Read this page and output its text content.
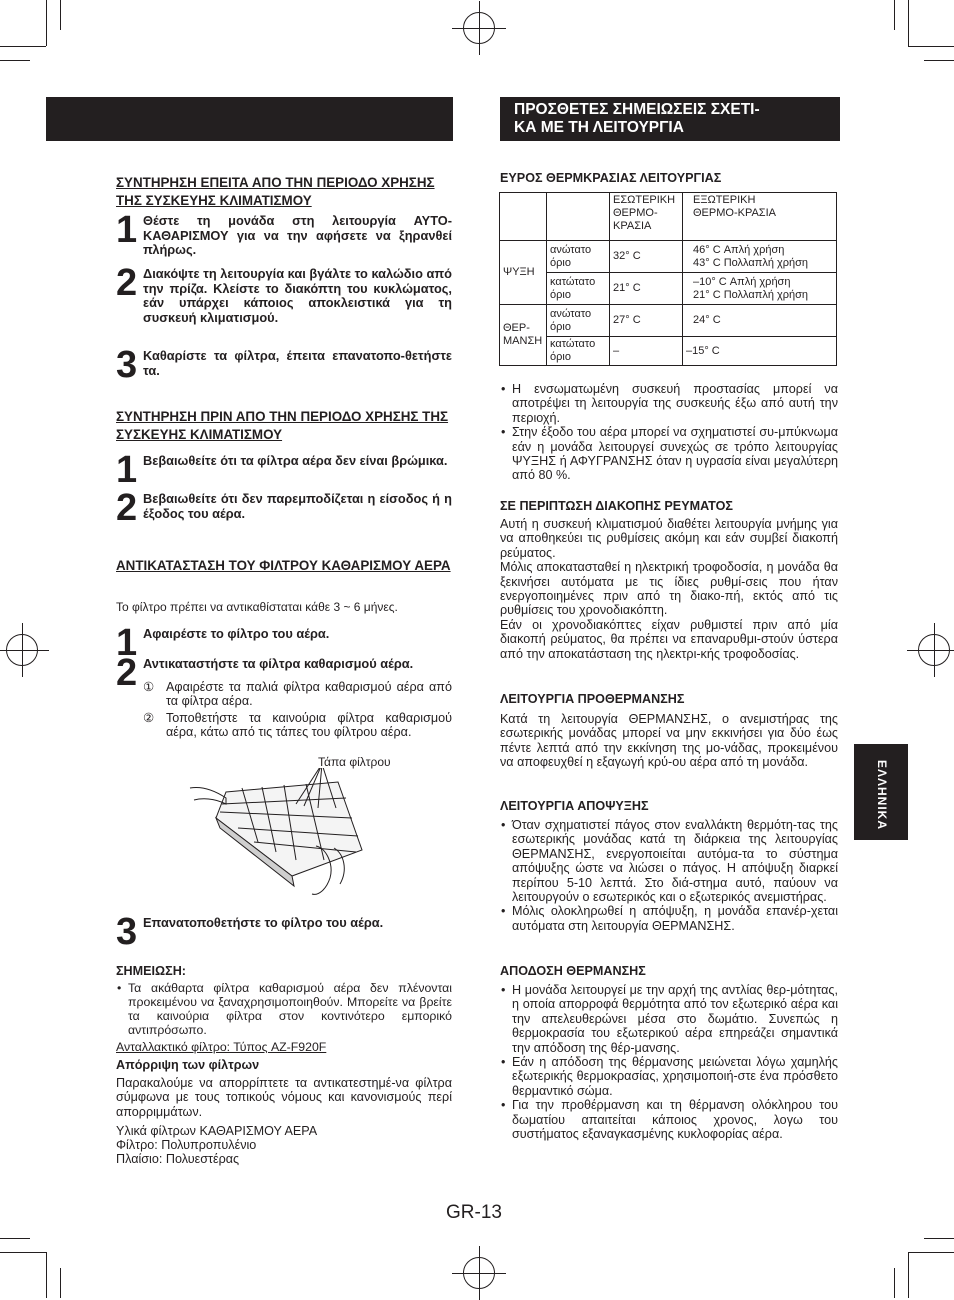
ΣΥΝΤΗΡΗΣΗ ΕΠΕΙΤΑ ΑΠΟ ΤΗΝ ΠΕΡΙΟΔΟ ΧΡΗΣΗΣ ΤΗΣ ΣΥΣΚΕΥΗΣ ΚΛΙΜΑΤΙΣΜΟΥ
1 Θέστε τη μονάδα στη λειτουργία AYTO-ΚΑΘΑΡΙΣΜΟΥ για να την αφήσετε να ξηρανθεί πλήρως.
2 Διακόψτε τη λειτουργία και βγάλτε το καλώδιο από την πρίζα. Κλείστε το διακόπτη του κυκλώματος, εάν υπάρχει κάποιος αποκλειστικά για τη συσκευή κλιματισμού.
3 Καθαρίστε τα φίλτρα, έπειτα επανατοπο-θετήστε τα.
ΣΥΝΤΗΡΗΣΗ ΠΡΙΝ ΑΠΟ ΤΗΝ ΠΕΡΙΟΔΟ ΧΡΗΣΗΣ ΤΗΣ ΣΥΣΚΕΥΗΣ ΚΛΙΜΑΤΙΣΜΟΥ
1 Βεβαιωθείτε ότι τα φίλτρα αέρα δεν είναι βρώμικα.
2 Βεβαιωθείτε ότι δεν παρεμποδίζεται η είσοδος ή η έξοδος του αέρα.
ΑΝΤΙΚΑΤΑΣΤΑΣΗ ΤΟΥ ΦΙΛΤΡΟΥ ΚΑΘΑΡΙΣΜΟΥ ΑΕΡΑ
Το φίλτρο πρέπει να αντικαθίσταται κάθε 3 ~ 6 μήνες.
1 Αφαιρέστε το φίλτρο του αέρα.
2 Αντικαταστήστε τα φίλτρα καθαρισμού αέρα.
① Αφαιρέστε τα παλιά φίλτρα καθαρισμού αέρα από τα φίλτρα αέρα.
② Τοποθετήστε τα καινούρια φίλτρα καθαρισμού αέρα, κάτω από τις τάπες του φίλτρου αέρα.
Τάπα φίλτρου
3 Επανατοποθετήστε το φίλτρο του αέρα.
ΣΗΜΕΙΩΣΗ:
• Τα ακάθαρτα φίλτρα καθαρισμού αέρα δεν πλένονται προκειμένου να ξαναχρησιμοποιηθούν. Μπορείτε να βρείτε τα καινούρια φίλτρα στον κοντινότερο εμπορικό αντιπρόσωπο.
Ανταλλακτικό φίλτρο: Τύπος AZ-F920F
Απόρριψη των φίλτρων
Παρακαλούμε να απορρίπτετε τα αντικατεστημέ-να φίλτρα σύμφωνα με τους τοπικούς νόμους και κανονισμούς περί απορριμμάτων.
Υλικά φίλτρων ΚΑΘΑΡΙΣΜΟΥ ΑΕΡΑ
Φίλτρο: Πολυπροπυλένιο
Πλαίσιο: Πολυεστέρας
ΠΡΟΣΘΕΤΕΣ ΣΗΜΕΙΩΣΕΙΣ ΣΧΕΤΙ-
ΚΑ ΜΕ ΤΗ ΛΕΙΤΟΥΡΓΙΑ
ΕΥΡΟΣ ΘΕΡΜΚΡΑΣΙΑΣ ΛΕΙΤΟΥΡΓΙΑΣ
		ΕΣΩΤΕΡΙΚΗ ΘΕΡΜΟ-ΚΡΑΣΙΑ	ΕΞΩΤΕΡΙΚΗ ΘΕΡΜΟ-ΚΡΑΣΙΑ
ΨΥΞΗ	ανώτατο όριο	32° C	46° C Απλή χρήση
43° C Πολλαπλή χρήση

	κατώτατο όριο	21° C	–10° C Απλή χρήση
21° C Πολλαπλή χρήση

ΘΕΡ-ΜΑΝΣΗ	ανώτατο όριο	27° C	24° C
	κατώτατο όριο	–	–15° C
• Η ενσωματωμένη συσκευή προστασίας μπορεί να αποτρέψει τη λειτουργία της συσκευής έξω από αυτή την περιοχή.
• Στην έξοδο του αέρα μπορεί να σχηματιστεί συ-μπύκνωμα εάν η μονάδα λειτουργεί συνεχώς σε τρόπο λειτουργίας ΨΥΞΗΣ ή ΑΦΥΓΡΑΝΣΗΣ όταν η υγρασία είναι μεγαλύτερη από 80 %.
ΣΕ ΠΕΡΙΠΤΩΣΗ ΔΙΑΚΟΠΗΣ ΡΕΥΜΑΤΟΣ
Αυτή η συσκευή κλιματισμού διαθέτει λειτουργία μνήμης για να αποθηκεύει τις ρυθμίσεις ακόμη και εάν συμβεί διακοπή ρεύματος.
Μόλις αποκατασταθεί η ηλεκτρική τροφοδοσία, η μονάδα θα ξεκινήσει αυτόματα με τις ίδιες ρυθμί-σεις που ήταν ενεργοποιημένες πριν από τη διακο-πή, εκτός από τις ρυθμίσεις του χρονοδιακόπτη.
Εάν οι χρονοδιακόπτες είχαν ρυθμιστεί πριν από μία διακοπή ρεύματος, θα πρέπει να επαναρυθμι-στούν ύστερα από την αποκατάσταση της ηλεκτρι-κής τροφοδοσίας.
ΛΕΙΤΟΥΡΓΙΑ ΠΡΟΘΕΡΜΑΝΣΗΣ
Κατά τη λειτουργία ΘΕΡΜΑΝΣΗΣ, ο ανεμιστήρας της εσωτερικής μονάδας μπορεί να μην εκκινήσει για δύο έως πέντε λεπτά από την εκκίνηση της μο-νάδας, προκειμένου να αποφευχθεί η εξαγωγή κρύ-ου αέρα από τη μονάδα.
ΛΕΙΤΟΥΡΓΙΑ ΑΠΟΨΥΞΗΣ
• Όταν σχηματιστεί πάγος στον εναλλάκτη θερμότη-τας της εσωτερικής μονάδας κατά τη διάρκεια της λειτουργίας ΘΕΡΜΑΝΣΗΣ, ενεργοποιείται αυτόμα-τα το σύστημα απόψυξης ώστε να λιώσει ο πάγος. Η απόψυξη διαρκεί περίπου 5-10 λεπτά. Στο διά-στημα αυτό, παύουν να λειτουργούν ο εσωτερικός και ο εξωτερικός ανεμιστήρας.
• Μόλις ολοκληρωθεί η απόψυξη, η μονάδα επανέρ-χεται αυτόματα στη λειτουργία ΘΕΡΜΑΝΣΗΣ.
ΑΠΟΔΟΣΗ ΘΕΡΜΑΝΣΗΣ
• Η μονάδα λειτουργεί με την αρχή της αντλίας θερ-μότητας, η οποία απορροφά θερμότητα από τον εξωτερικό αέρα και την απελευθερώνει μέσα στο δωμάτιο. Συνεπώς η θερμοκρασία του εξωτερικού αέρα επηρεάζει σημαντικά την απόδοση της θέρ-μανσης.
• Εάν η απόδοση της θέρμανσης μειώνεται λόγω χαμηλής εξωτερικής θερμοκρασίας, χρησιμοποιή-στε ένα πρόσθετο θερμαντικό σώμα.
• Για την προθέρμανση και τη θέρμανση ολόκληρου του δωματίου απαιτείται κάποιος χρονος, λογω του συστήματος εξαναγκασμένης κυκλοφορίας αέρα.
ΕΛΛΗΝΙΚΑ
GR-13
